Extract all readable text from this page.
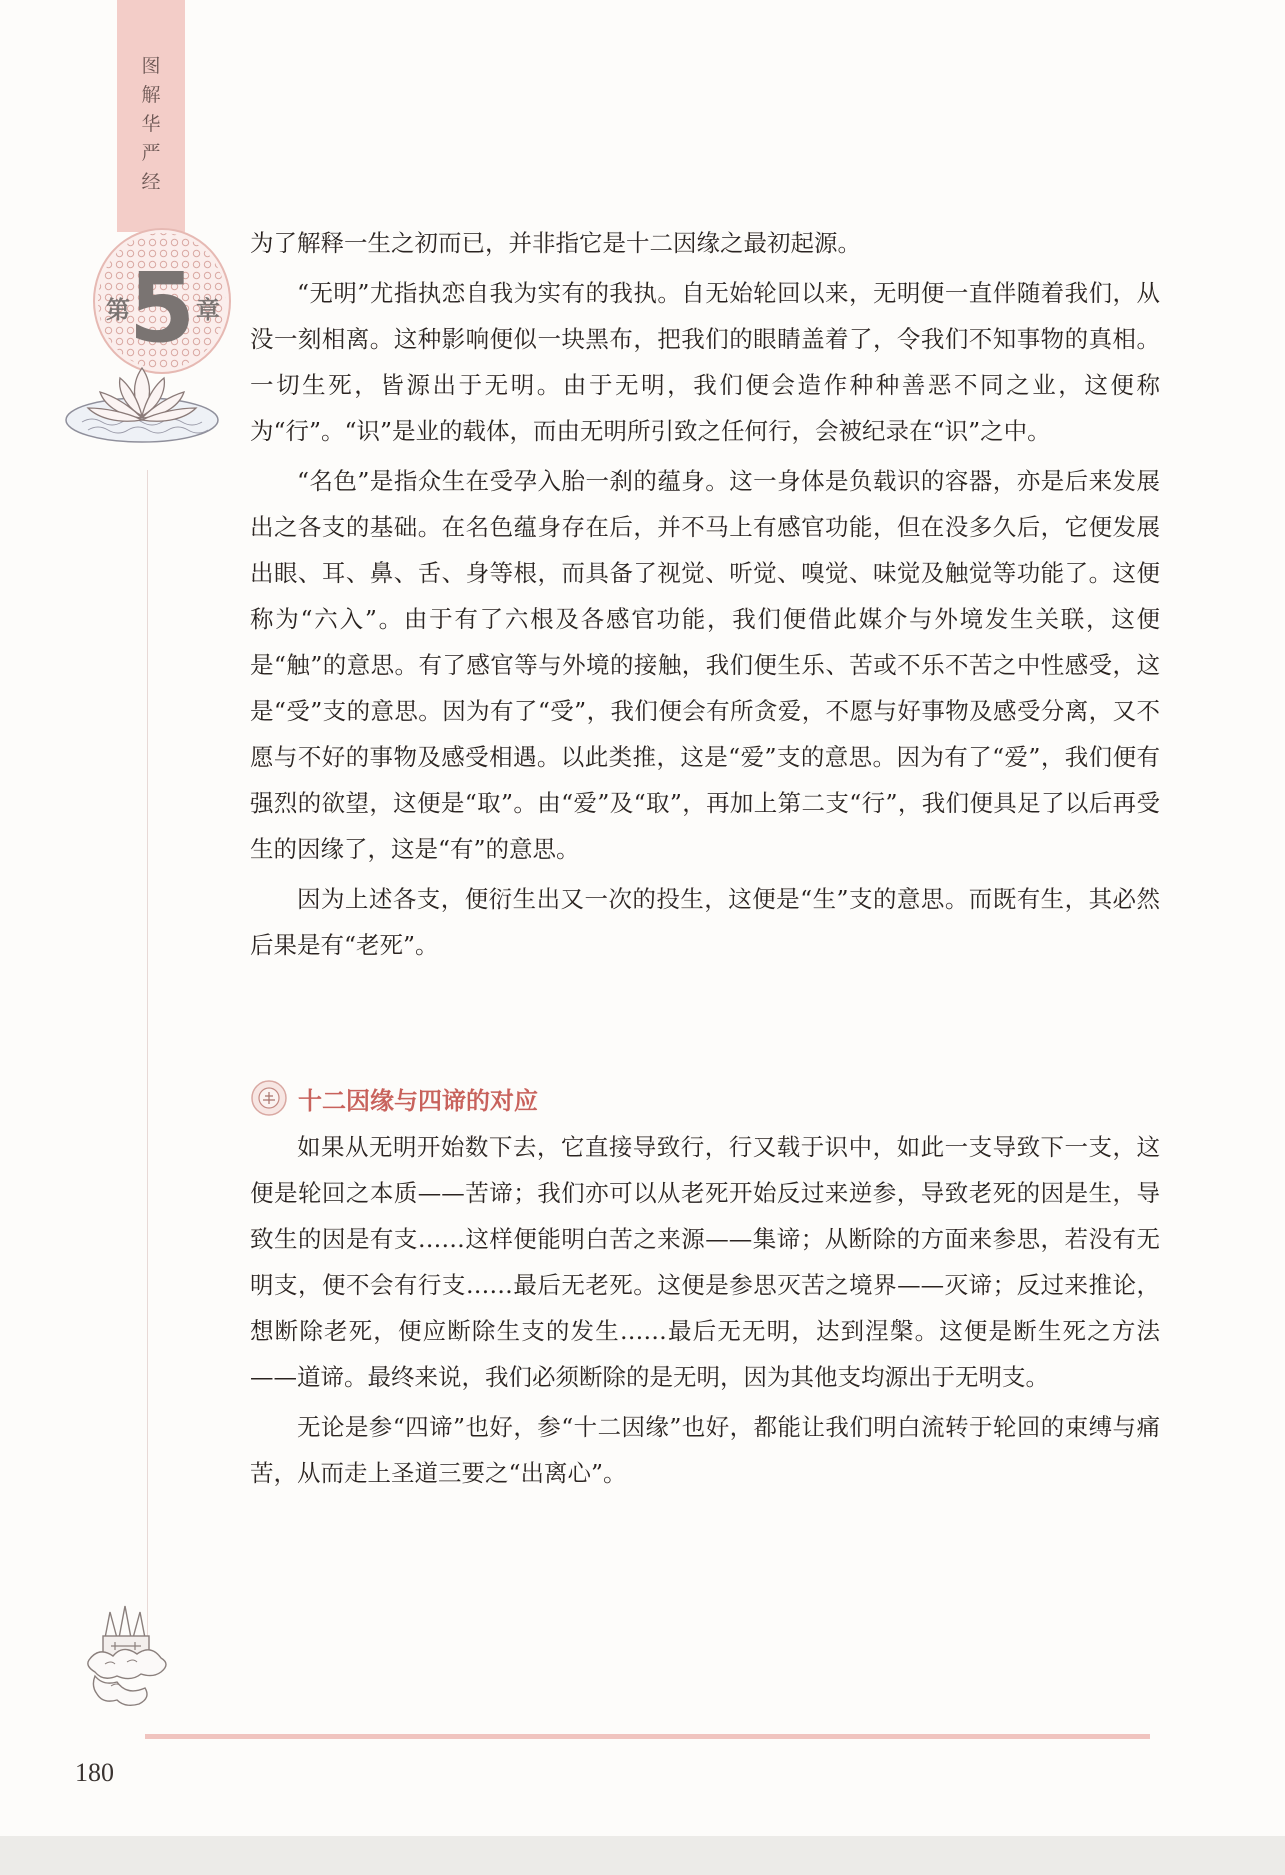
图
解
华
严
经
第
5 章

为了解释一生之初而已，并非指它是十二因缘之最初起源。

“无明”尤指执恋自我为实有的我执。自无始轮回以来，无明便一直伴随着我们，从没一刻相离。这种影响便似一块黑布，把我们的眼睛盖着了，令我们不知事物的真相。一切生死，皆源出于无明。由于无明，我们便会造作种种善恶不同之业，这便称为“行”。“识”是业的载体，而由无明所引致之任何行，会被纪录在“识”之中。

“名色”是指众生在受孕入胎一刹的蕴身。这一身体是负载识的容器，亦是后来发展出之各支的基础。在名色蕴身存在后，并不马上有感官功能，但在没多久后，它便发展出眼、耳、鼻、舌、身等根，而具备了视觉、听觉、嗅觉、味觉及触觉等功能了。这便称为“六入”。由于有了六根及各感官功能，我们便借此媒介与外境发生关联，这便是“触”的意思。有了感官等与外境的接触，我们便生乐、苦或不乐不苦之中性感受，这是“受”支的意思。因为有了“受”，我们便会有所贪爱，不愿与好事物及感受分离，又不愿与不好的事物及感受相遇。以此类推，这是“爱”支的意思。因为有了“爱”，我们便有强烈的欲望，这便是“取”。由“爱”及“取”，再加上第二支“行”，我们便具足了以后再受生的因缘了，这是“有”的意思。

因为上述各支，便衍生出又一次的投生，这便是“生”支的意思。而既有生，其必然后果是有“老死”。

十二因缘与四谛的对应

如果从无明开始数下去，它直接导致行，行又载于识中，如此一支导致下一支，这便是轮回之本质——苦谛；我们亦可以从老死开始反过来逆参，导致老死的因是生，导致生的因是有支……这样便能明白苦之来源——集谛；从断除的方面来参思，若没有无明支，便不会有行支……最后无老死。这便是参思灭苦之境界——灭谛；反过来推论，想断除老死，便应断除生支的发生……最后无无明，达到涅槃。这便是断生死之方法——道谛。最终来说，我们必须断除的是无明，因为其他支均源出于无明支。

无论是参“四谛”也好，参“十二因缘”也好，都能让我们明白流转于轮回的束缚与痛苦，从而走上圣道三要之“出离心”。

180
